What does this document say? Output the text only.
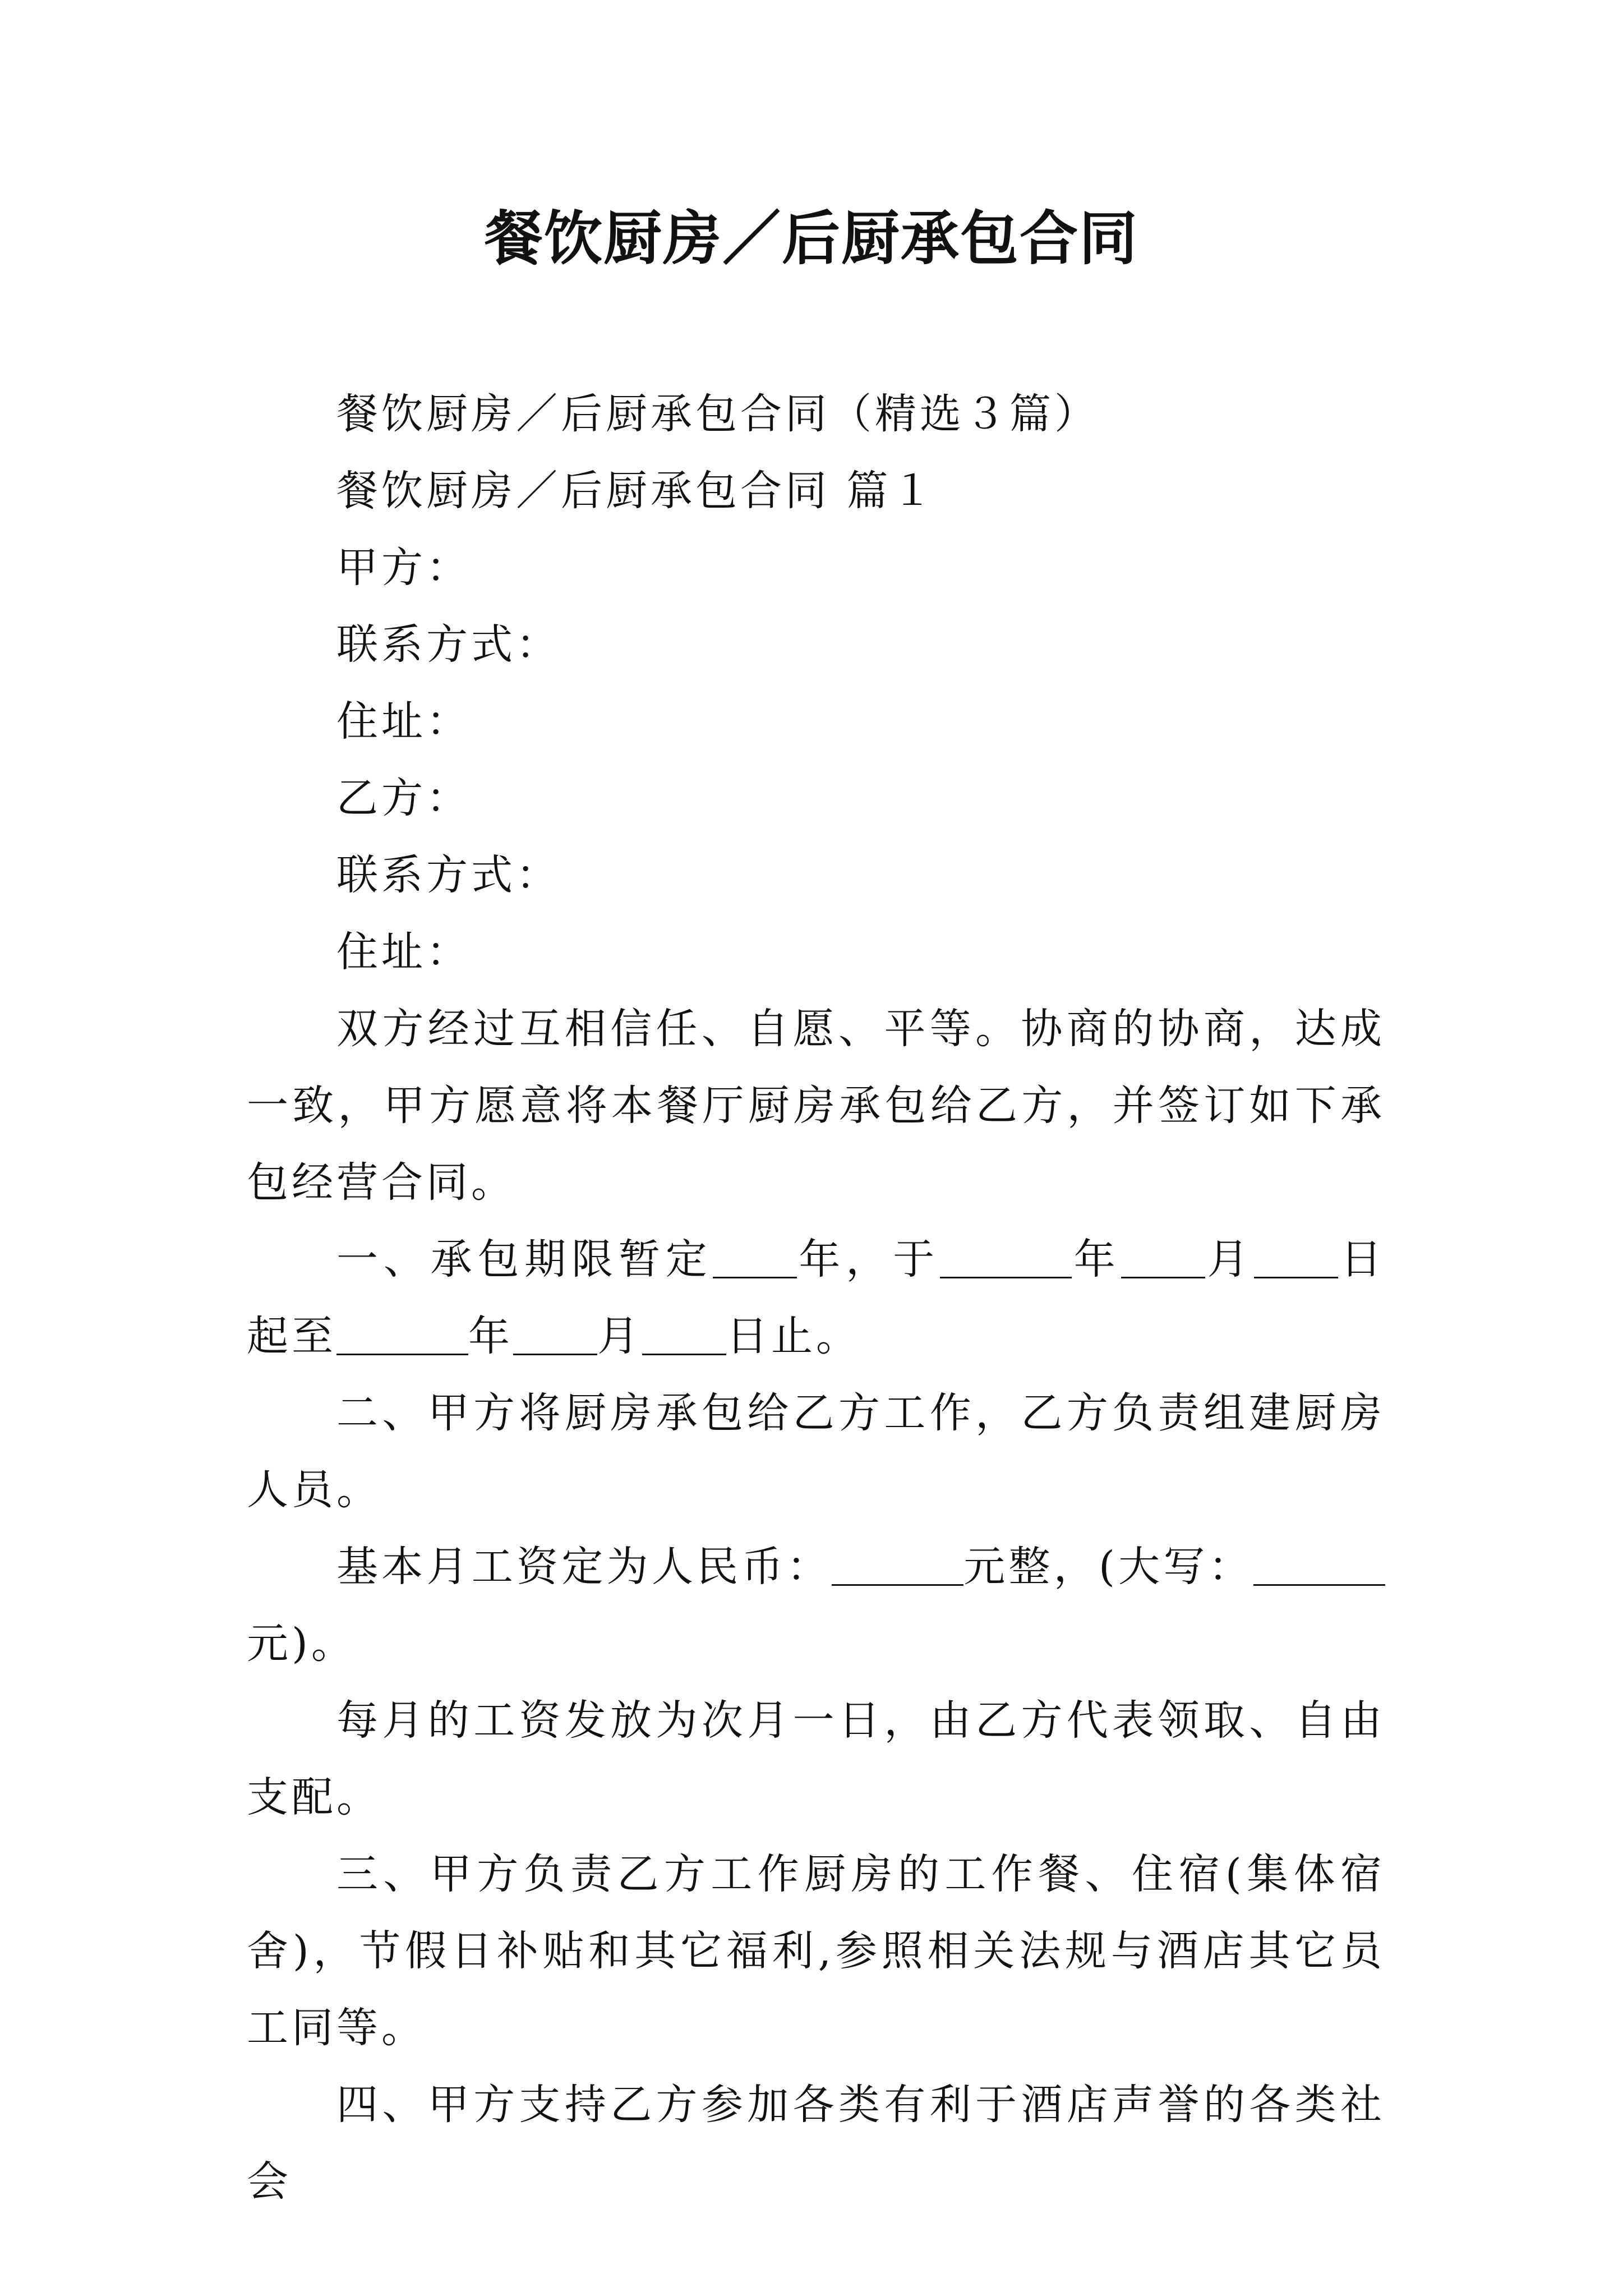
餐饮厨房／后厨承包合同

餐饮厨房／后厨承包合同（精选３篇）

餐饮厨房／后厨承包合同 篇１

甲方：

联系方式：

住址：

乙方：

联系方式：

住址：

双方经过互相信任、自愿、平等。协商的协商，达成一致，甲方愿意将本餐厅厨房承包给乙方，并签订如下承包经营合同。

一、承包期限暂定 年，于	年 月 日起至	年 月 日止。

二、甲方将厨房承包给乙方工作，乙方负责组建厨房人员。

基本月工资定为人民币：	元整，(大写：元)。

每月的工资发放为次月一日，由乙方代表领取、自由支配。

三、甲方负责乙方工作厨房的工作餐、住宿(集体宿舍)，节假日补贴和其它福利,参照相关法规与酒店其它员工同等。

四、甲方支持乙方参加各类有利于酒店声誉的各类社会
